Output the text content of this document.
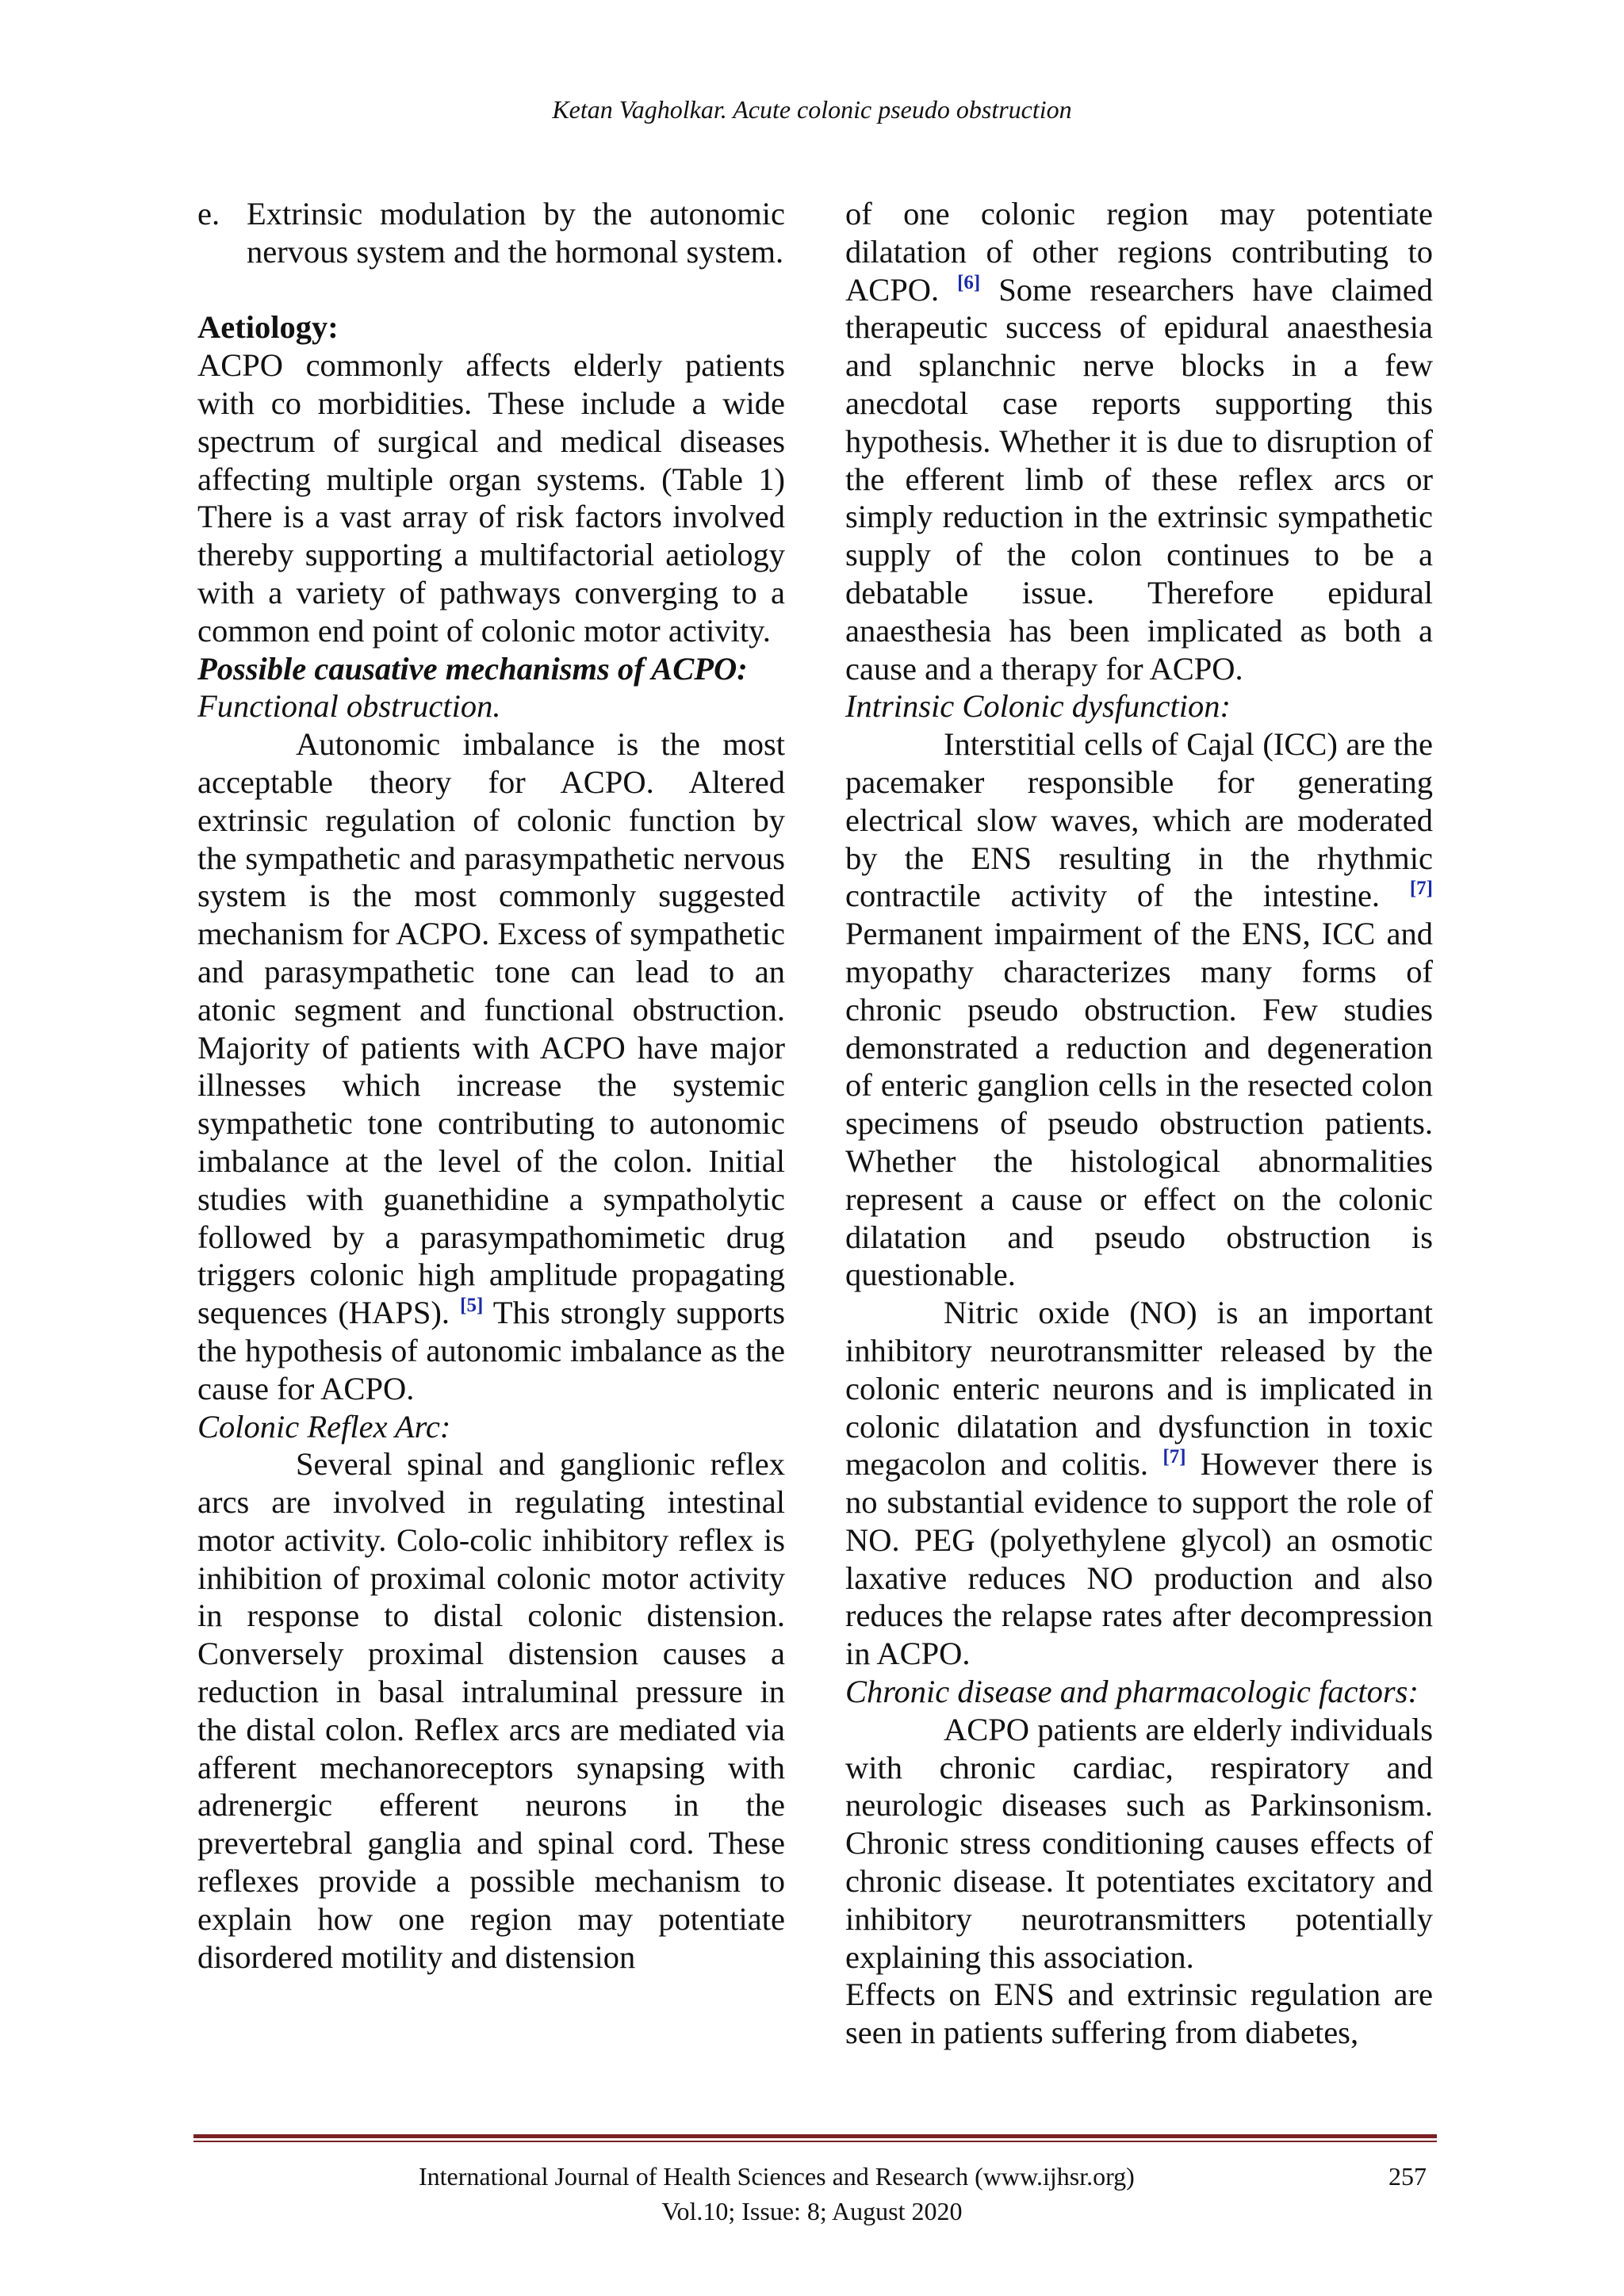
Ketan Vagholkar. Acute colonic pseudo obstruction
e. Extrinsic modulation by the autonomic nervous system and the hormonal system.
Aetiology:

ACPO commonly affects elderly patients with co morbidities. These include a wide spectrum of surgical and medical diseases affecting multiple organ systems. (Table 1) There is a vast array of risk factors involved thereby supporting a multifactorial aetiology with a variety of pathways converging to a common end point of colonic motor activity.

Possible causative mechanisms of ACPO:
Functional obstruction.

Autonomic imbalance is the most acceptable theory for ACPO. Altered extrinsic regulation of colonic function by the sympathetic and parasympathetic nervous system is the most commonly suggested mechanism for ACPO. Excess of sympathetic and parasympathetic tone can lead to an atonic segment and functional obstruction. Majority of patients with ACPO have major illnesses which increase the systemic sympathetic tone contributing to autonomic imbalance at the level of the colon. Initial studies with guanethidine a sympatholytic followed by a parasympathomimetic drug triggers colonic high amplitude propagating sequences (HAPS). [5] This strongly supports the hypothesis of autonomic imbalance as the cause for ACPO.

Colonic Reflex Arc:

Several spinal and ganglionic reflex arcs are involved in regulating intestinal motor activity. Colo-colic inhibitory reflex is inhibition of proximal colonic motor activity in response to distal colonic distension. Conversely proximal distension causes a reduction in basal intraluminal pressure in the distal colon. Reflex arcs are mediated via afferent mechanoreceptors synapsing with adrenergic efferent neurons in the prevertebral ganglia and spinal cord. These reflexes provide a possible mechanism to explain how one region may potentiate disordered motility and distension

of one colonic region may potentiate dilatation of other regions contributing to ACPO. [6] Some researchers have claimed therapeutic success of epidural anaesthesia and splanchnic nerve blocks in a few anecdotal case reports supporting this hypothesis. Whether it is due to disruption of the efferent limb of these reflex arcs or simply reduction in the extrinsic sympathetic supply of the colon continues to be a debatable issue. Therefore epidural anaesthesia has been implicated as both a cause and a therapy for ACPO.

Intrinsic Colonic dysfunction:

Interstitial cells of Cajal (ICC) are the pacemaker responsible for generating electrical slow waves, which are moderated by the ENS resulting in the rhythmic contractile activity of the intestine. [7] Permanent impairment of the ENS, ICC and myopathy characterizes many forms of chronic pseudo obstruction. Few studies demonstrated a reduction and degeneration of enteric ganglion cells in the resected colon specimens of pseudo obstruction patients. Whether the histological abnormalities represent a cause or effect on the colonic dilatation and pseudo obstruction is questionable.

Nitric oxide (NO) is an important inhibitory neurotransmitter released by the colonic enteric neurons and is implicated in colonic dilatation and dysfunction in toxic megacolon and colitis. [7] However there is no substantial evidence to support the role of NO. PEG (polyethylene glycol) an osmotic laxative reduces NO production and also reduces the relapse rates after decompression in ACPO.

Chronic disease and pharmacologic factors:

ACPO patients are elderly individuals with chronic cardiac, respiratory and neurologic diseases such as Parkinsonism. Chronic stress conditioning causes effects of chronic disease. It potentiates excitatory and inhibitory neurotransmitters potentially explaining this association.

Effects on ENS and extrinsic regulation are seen in patients suffering from diabetes,

International Journal of Health Sciences and Research (www.ijhsr.org)	257
Vol.10; Issue: 8; August 2020
